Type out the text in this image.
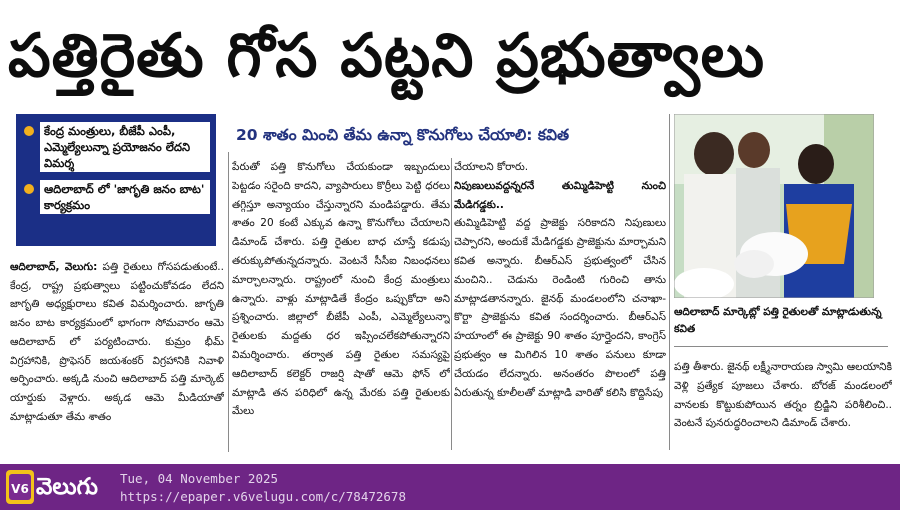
పత్తిరైతు గోస పట్టని ప్రభుత్వాలు
కేంద్ర మంత్రులు, బీజేపీ ఎంపీ, ఎమ్మెల్యేలున్నా ప్రయోజనం లేదని విమర్శ
ఆదిలాబాద్ లో 'జాగృతి జనం బాట' కార్యక్రమం
ఆదిలాబాద్, వెలుగు: పత్తి రైతులు గోసపడుతుంటే.. కేంద్ర, రాష్ట్ర ప్రభుత్వాలు పట్టించుకోవడం లేదని జాగృతి అధ్యక్షురాలు కవిత విమర్శించారు. జాగృతి జనం బాట కార్యక్రమంలో భాగంగా సోమవారం ఆమె ఆదిలాబాద్ లో పర్యటించారు. కుమ్రం భీమ్ విగ్రహానికి, ప్రొఫెసర్ జయశంకర్ విగ్రహానికి నివాళి అర్పించారు. అక్కడి నుంచి ఆదిలాబాద్ పత్తి మార్కెట్ యార్డుకు వెళ్లారు. అక్కడ ఆమె మీడియాతో మాట్లాడుతూ తేమ శాతం
20 శాతం మించి తేమ ఉన్నా కొనుగోలు చేయాలి: కవిత
పేరుతో పత్తి కొనుగోలు చేయకుండా ఇబ్బందులు పెట్టడం సరైంది కాదని, వ్యాపారులు కొర్రీలు పెట్టి ధరలు తగ్గిస్తూ అన్యాయం చేస్తున్నారని మండిపడ్డారు. తేమ శాతం 20 కంటే ఎక్కువ ఉన్నా కొనుగోలు చేయాలని డిమాండ్ చేశారు. పత్తి రైతుల బాధ చూస్తే కడుపు తరుక్కుపోతున్నదన్నారు. వెంటనే సీసీఐ నిబంధనలు మార్చాలన్నారు. రాష్ట్రంలో నుంచి కేంద్ర మంత్రులు ఉన్నారు. వాళ్లు మాట్లాడితే కేంద్రం ఒప్పుకోదా అని ప్రశ్నించారు. జిల్లాలో బీజేపీ ఎంపీ, ఎమ్మెల్యేలున్నా రైతులకు మద్దతు ధర ఇప్పించలేకపోతున్నారని విమర్శించారు. తర్వాత పత్తి రైతుల సమస్యపై ఆదిలాబాద్ కలెక్టర్ రాజర్షి షాతో ఆమె ఫోన్ లో మాట్లాడి తన పరిధిలో ఉన్న మేరకు పత్తి రైతులకు మేలు
చేయాలని కోరారు.
నిపుణులువద్దన్నరనే తుమ్మిడిహెట్టి నుంచి మేడిగడ్డకు..
తుమ్మిడిహెట్టి వద్ద ప్రాజెక్టు సరికాదని నిపుణులు చెప్పారని, అందుకే మేడిగడ్డకు ప్రాజెక్టును మార్చామని కవిత అన్నారు. బీఆర్ఎస్ ప్రభుత్వంలో చేసిన మంచిని.. చెడును రెండింటి గురించి తాను మాట్లాడతానన్నారు. జైనథ్ మండలంలోని చనాఖా-కొర్టా ప్రాజెక్టును కవిత సందర్శించారు. బీఆర్ఎస్ హయాంలో ఈ ప్రాజెక్టు 90 శాతం పూర్తైందని, కాంగ్రెస్ ప్రభుత్వం ఆ మిగిలిన 10 శాతం పనులు కూడా చేయడం లేదన్నారు. అనంతరం పొలంలో పత్తి ఏరుతున్న కూలీలతో మాట్లాడి వారితో కలిసి కొద్దిసేపు
ఆదిలాబాద్ మార్కెట్లో పత్తి రైతులతో మాట్లాడుతున్న కవిత
పత్తి తీశారు. జైనథ్ లక్ష్మీనారాయణ స్వామి ఆలయానికి వెళ్లి ప్రత్యేక పూజలు చేశారు. బోరజ్ మండలంలో వానలకు కొట్టుకుపోయిన తర్నం బ్రిడ్జిని పరిశీలించి.. వెంటనే పునరుద్ధరించాలని డిమాండ్ చేశారు.
V6 వెలుగు Tue, 04 November 2025
https://epaper.v6velugu.com/c/78472678
